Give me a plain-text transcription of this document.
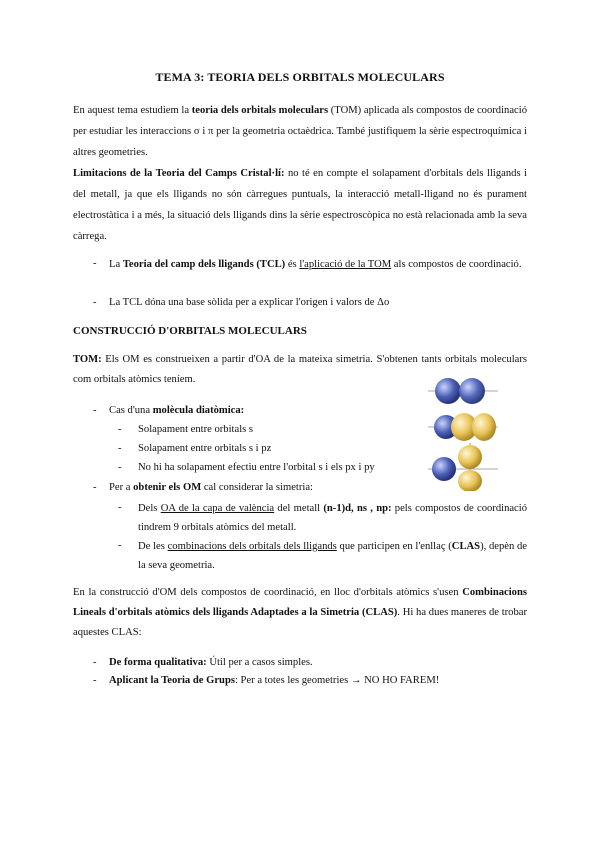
TEMA 3: TEORIA DELS ORBITALS MOLECULARS
En aquest tema estudiem la teoria dels orbitals moleculars (TOM) aplicada als compostos de coordinació per estudiar les interaccions σ i π per la geometria octaèdrica. També justifiquem la sèrie espectroquímica i altres geometries.
Limitacions de la Teoria del Camps Cristal·lí: no té en compte el solapament d'orbitals dels lligands i del metall, ja que els lligands no són càrregues puntuals, la interacció metall-lligand no és purament electrostàtica i a més, la situació dels lligands dins la sèrie espectroscòpica no està relacionada amb la seva càrrega.
- La Teoria del camp dels lligands (TCL) és l'aplicació de la TOM als compostos de coordinació.
- La TCL dóna una base sòlida per a explicar l'origen i valors de Δo
CONSTRUCCIÓ D'ORBITALS MOLECULARS
TOM: Els OM es construeixen a partir d'OA de la mateixa simetria. S'obtenen tants orbitals moleculars com orbitals atòmics teníem.
- Cas d'una molècula diatòmica:
- Solapament entre orbitals s
- Solapament entre orbitals s i pz
- No hi ha solapament efectiu entre l'orbital s i els px i py
- Per a obtenir els OM cal considerar la simetria:
- Dels OA de la capa de valència del metall (n-1)d, ns , np: pels compostos de coordinació tindrem 9 orbitals atòmics del metall.
- De les combinacions dels orbitals dels lligands que participen en l'enllaç (CLAS), depèn de la seva geometria.
En la construcció d'OM dels compostos de coordinació, en lloc d'orbitals atòmics s'usen Combinacions Lineals d'orbitals atòmics dels lligands Adaptades a la Simetria (CLAS). Hi ha dues maneres de trobar aquestes CLAS:
- De forma qualitativa: Útil per a casos simples.
- Aplicant la Teoria de Grups: Per a totes les geometries → NO HO FAREM!
